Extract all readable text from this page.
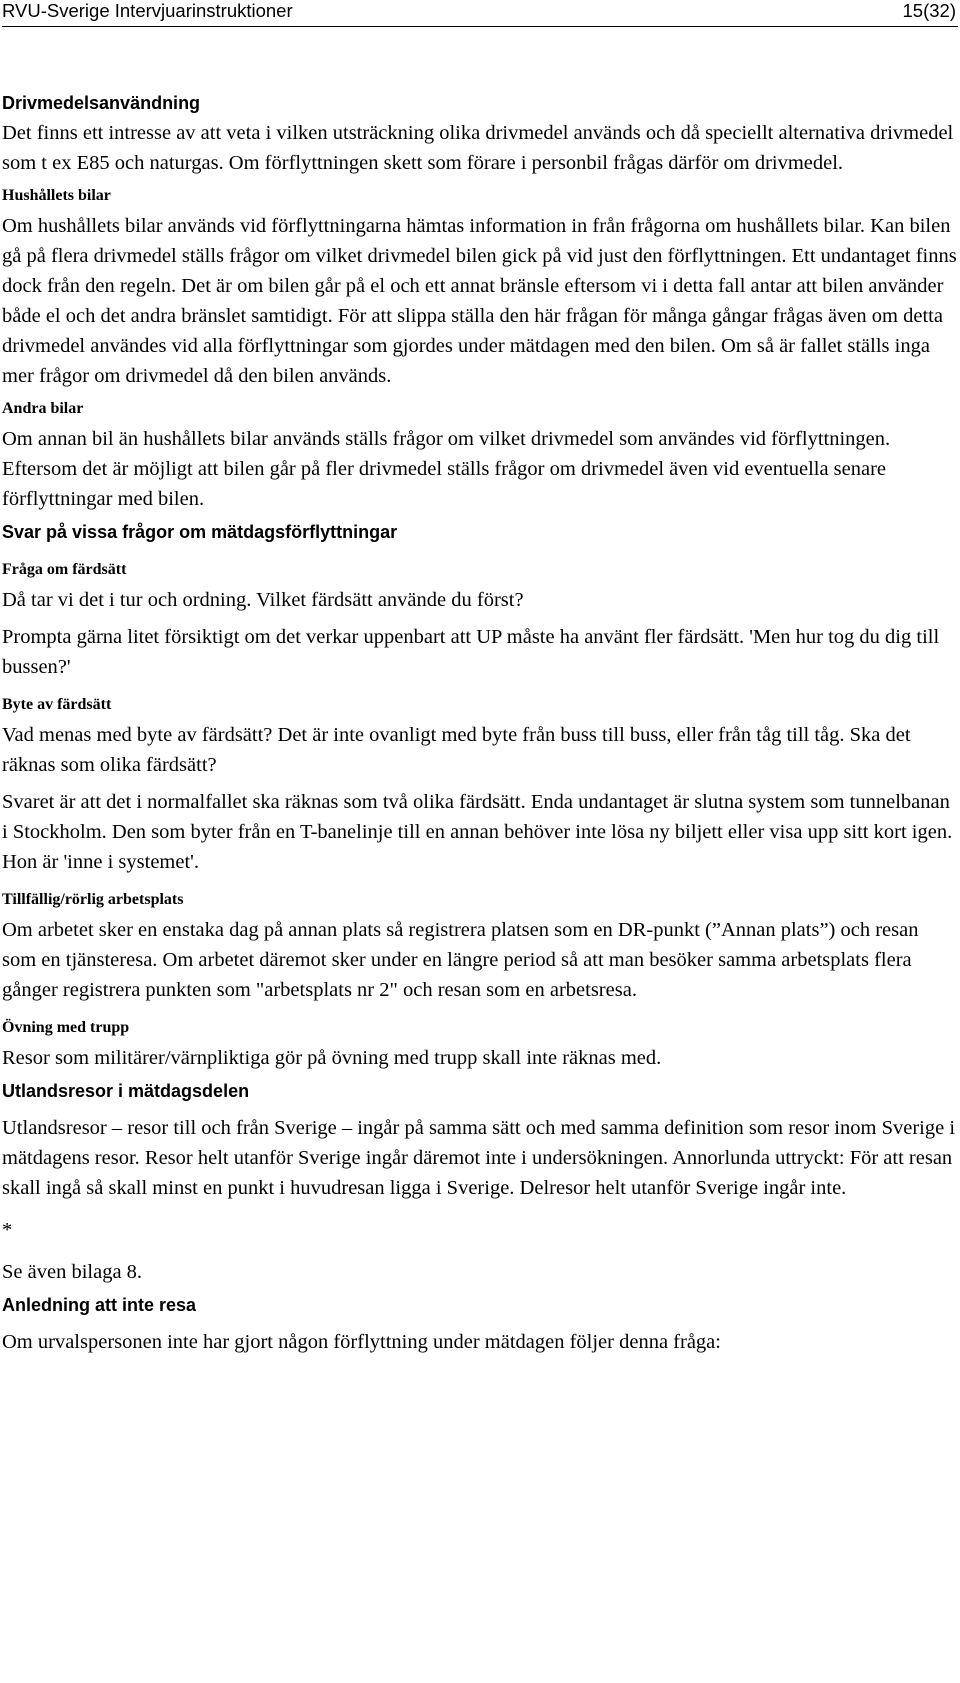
RVU-Sverige Intervjuarinstruktioner	15(32)
Drivmedelsanvändning

Det finns ett intresse av att veta i vilken utsträckning olika drivmedel används och då speciellt alternativa drivmedel som t ex E85 och naturgas. Om förflyttningen skett som förare i personbil frågas därför om drivmedel.

Hushållets bilar

Om hushållets bilar används vid förflyttningarna hämtas information in från frågorna om hushållets bilar. Kan bilen gå på flera drivmedel ställs frågor om vilket drivmedel bilen gick på vid just den förflyttningen. Ett undantaget finns dock från den regeln. Det är om bilen går på el och ett annat bränsle eftersom vi i detta fall antar att bilen använder både el och det andra bränslet samtidigt. För att slippa ställa den här frågan för många gångar frågas även om detta drivmedel användes vid alla förflyttningar som gjordes under mätdagen med den bilen. Om så är fallet ställs inga mer frågor om drivmedel då den bilen används.

Andra bilar

Om annan bil än hushållets bilar används ställs frågor om vilket drivmedel som användes vid förflyttningen. Eftersom det är möjligt att bilen går på fler drivmedel ställs frågor om drivmedel även vid eventuella senare förflyttningar med bilen.

Svar på vissa frågor om mätdagsförflyttningar
Fråga om färdsätt

Då tar vi det i tur och ordning. Vilket färdsätt använde du först?

Prompta gärna litet försiktigt om det verkar uppenbart att UP måste ha använt fler färdsätt. 'Men hur tog du dig till bussen?'

Byte av färdsätt

Vad menas med byte av färdsätt? Det är inte ovanligt med byte från buss till buss, eller från tåg till tåg. Ska det räknas som olika färdsätt?

Svaret är att det i normalfallet ska räknas som två olika färdsätt. Enda undantaget är slutna system som tunnelbanan i Stockholm. Den som byter från en T-banelinje till en annan behöver inte lösa ny biljett eller visa upp sitt kort igen. Hon är 'inne i systemet'.

Tillfällig/rörlig arbetsplats

Om arbetet sker en enstaka dag på annan plats så registrera platsen som en DR-punkt (”Annan plats”) och resan som en tjänsteresa. Om arbetet däremot sker under en längre period så att man besöker samma arbetsplats flera gånger registrera punkten som "arbetsplats nr 2" och resan som en arbetsresa.

Övning med trupp

Resor som militärer/värnpliktiga gör på övning med trupp skall inte räknas med.

Utlandsresor i mätdagsdelen

Utlandsresor – resor till och från Sverige – ingår på samma sätt och med samma definition som resor inom Sverige i mätdagens resor. Resor helt utanför Sverige ingår däremot inte i undersökningen. Annorlunda uttryckt: För att resan skall ingå så skall minst en punkt i huvudresan ligga i Sverige. Delresor helt utanför Sverige ingår inte.

*

Se även bilaga 8.

Anledning att inte resa

Om urvalspersonen inte har gjort någon förflyttning under mätdagen följer denna fråga:
